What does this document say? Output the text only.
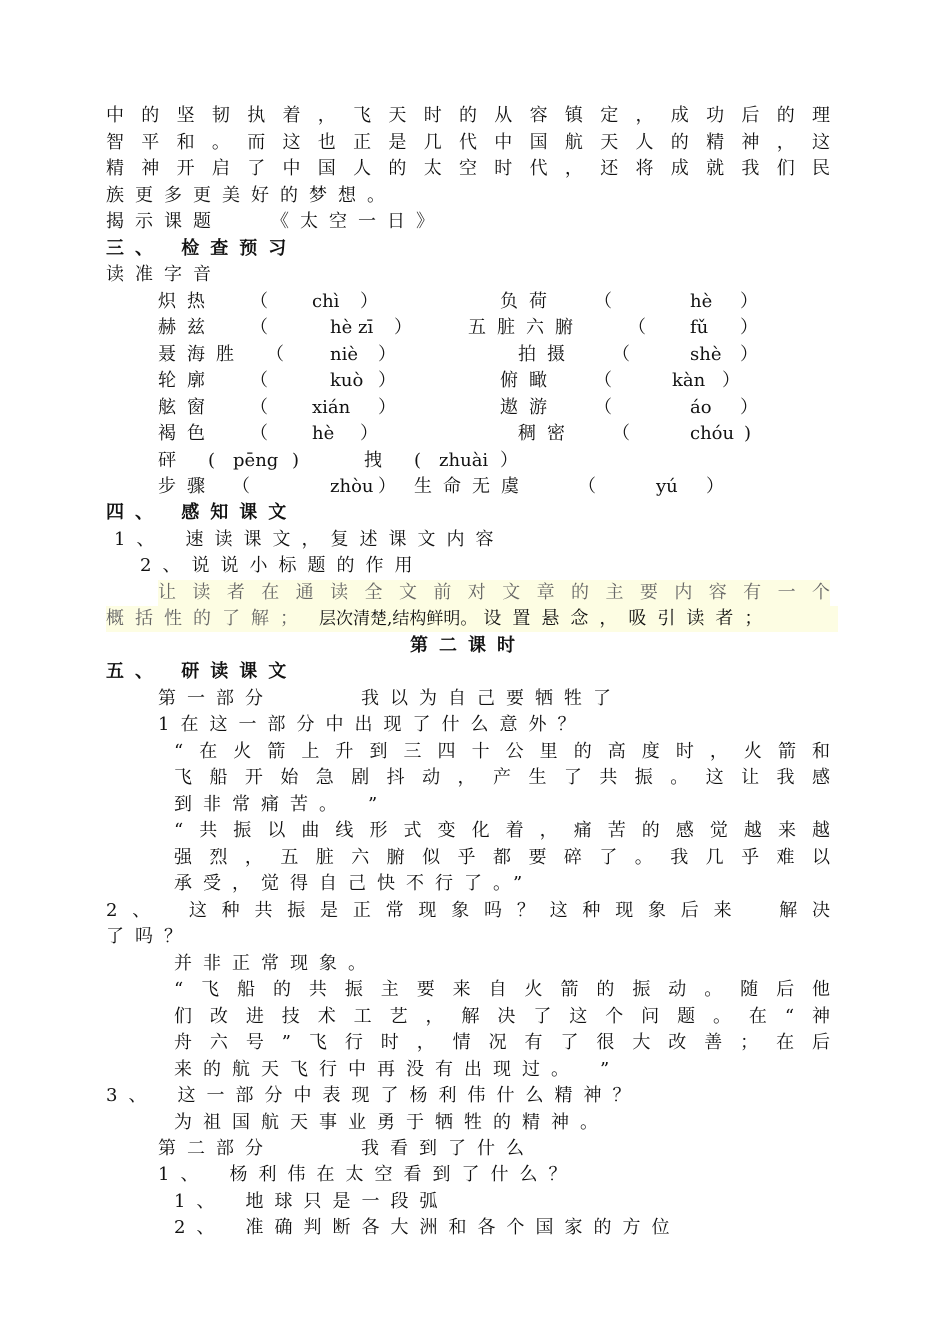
中的坚韧执着，飞天时的从容镇定，成功后的理
智平和。而这也正是几代中国航天人的精神，这
精神开启了中国人的太空时代，还将成就我们民
族更多更美好的梦想。
揭示课题　　《太空一日》
三、 检查预习
读准字音
炽热 （ chì ）	负荷 （	hè ）
赫兹 （	hè zī ）	五脏六腑 （ fǔ ）
聂海胜 （	niè ）	拍摄 （	shè ）
轮廓 （	kuò ）	俯瞰 （	kàn ）
舷窗 （ xián ）	遨游 （	áo ）
褐色 （ hè ）	稠密 （	chóu )
砰 (　pēng )	拽 (　zhuài ）
步骤 （	zhòu ） 生命无虞	（	yú ）
四、 感知课文
1、　速读课文，复述课文内容
2、说说小标题的作用
让读者在通读全文前对文章的主要内容有一个
概括性的了解； 层次清楚,结构鲜明。 设置悬念，吸引读者；
第二课时
五、 研读课文
第一部分　　　我以为自己要牺牲了
1在这一部分中出现了什么意外？
“在火箭上升到三四十公里的高度时，火箭和
飞船开始急剧抖动，产生了共振。这让我感
到非常痛苦。　”
“共振以曲线形式变化着，痛苦的感觉越来越
强烈，五脏六腑似乎都要碎了。我几乎难以
承受，觉得自己快不行了。”
2、　这种共振是正常现象吗？这种现象后来　解决
了吗？
并非正常现象。
“飞船的共振主要来自火箭的振动。随后他
们改进技术工艺，解决了这个问题。在“神
舟六号”飞行时，情况有了很大改善；在后
来的航天飞行中再没有出现过。　”
3、　这一部分中表现了杨利伟什么精神？
为祖国航天事业勇于牺牲的精神。
第二部分　　　我看到了什么
1、　杨利伟在太空看到了什么？
1、　地球只是一段弧
2、　准确判断各大洲和各个国家的方位
